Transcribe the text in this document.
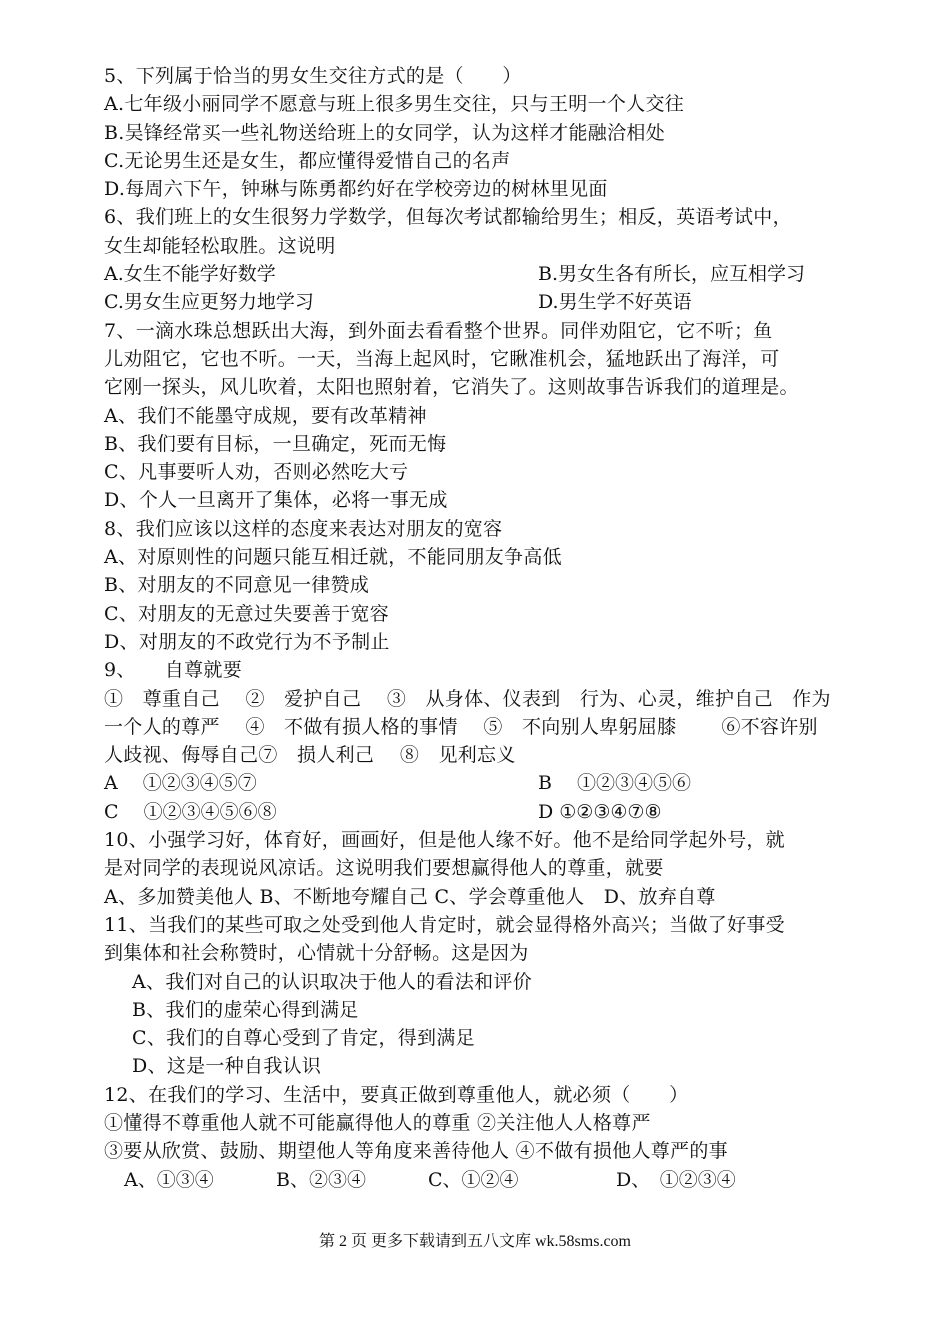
5、下列属于恰当的男女生交往方式的是（　　）
A.七年级小丽同学不愿意与班上很多男生交往，只与王明一个人交往
B.吴锋经常买一些礼物送给班上的女同学，认为这样才能融洽相处
C.无论男生还是女生，都应懂得爱惜自己的名声
D.每周六下午，钟琳与陈勇都约好在学校旁边的树林里见面
6、我们班上的女生很努力学数学，但每次考试都输给男生；相反，英语考试中，
女生却能轻松取胜。这说明
A.女生不能学好数学	B.男女生各有所长，应互相学习
C.男女生应更努力地学习	D.男生学不好英语
7、一滴水珠总想跃出大海，到外面去看看整个世界。同伴劝阻它，它不听；鱼
儿劝阻它，它也不听。一天，当海上起风时，它瞅准机会，猛地跃出了海洋，可
它刚一探头，风儿吹着，太阳也照射着，它消失了。这则故事告诉我们的道理是。
A、我们不能墨守成规，要有改革精神
B、我们要有目标，一旦确定，死而无悔
C、凡事要听人劝，否则必然吃大亏
D、个人一旦离开了集体，必将一事无成
8、我们应该以这样的态度来表达对朋友的宽容
A、对原则性的问题只能互相迁就，不能同朋友争高低
B、对朋友的不同意见一律赞成
C、对朋友的无意过失要善于宽容
D、对朋友的不政党行为不予制止
9、　　自尊就要
①　尊重自己　 ②　爱护自己　 ③　从身体、仪表到　行为、心灵，维护自己　作为
一个人的尊严　 ④　不做有损人格的事情　 ⑤　不向别人卑躬屈膝　　 ⑥不容许别
人歧视、侮辱自己⑦　损人利己　 ⑧　见利忘义
A　 ①②③④⑤⑦	B　 ①②③④⑤⑥
C　 ①②③④⑤⑥⑧	D ①②③④⑦⑧
10、小强学习好，体育好，画画好，但是他人缘不好。他不是给同学起外号，就
是对同学的表现说风凉话。这说明我们要想赢得他人的尊重，就要
A、多加赞美他人 B、不断地夸耀自己 C、学会尊重他人　D、放弃自尊
11、当我们的某些可取之处受到他人肯定时，就会显得格外高兴；当做了好事受
到集体和社会称赞时，心情就十分舒畅。这是因为
A、我们对自己的认识取决于他人的看法和评价
B、我们的虚荣心得到满足
C、我们的自尊心受到了肯定，得到满足
D、这是一种自我认识
12、在我们的学习、生活中，要真正做到尊重他人，就必须（　　）
①懂得不尊重他人就不可能赢得他人的尊重 ②关注他人人格尊严
③要从欣赏、鼓励、期望他人等角度来善待他人 ④不做有损他人尊严的事
A、①③④	B、②③④	C、①②④	D、　①②③④
第 2 页 更多下载请到五八文库 wk.58sms.com
